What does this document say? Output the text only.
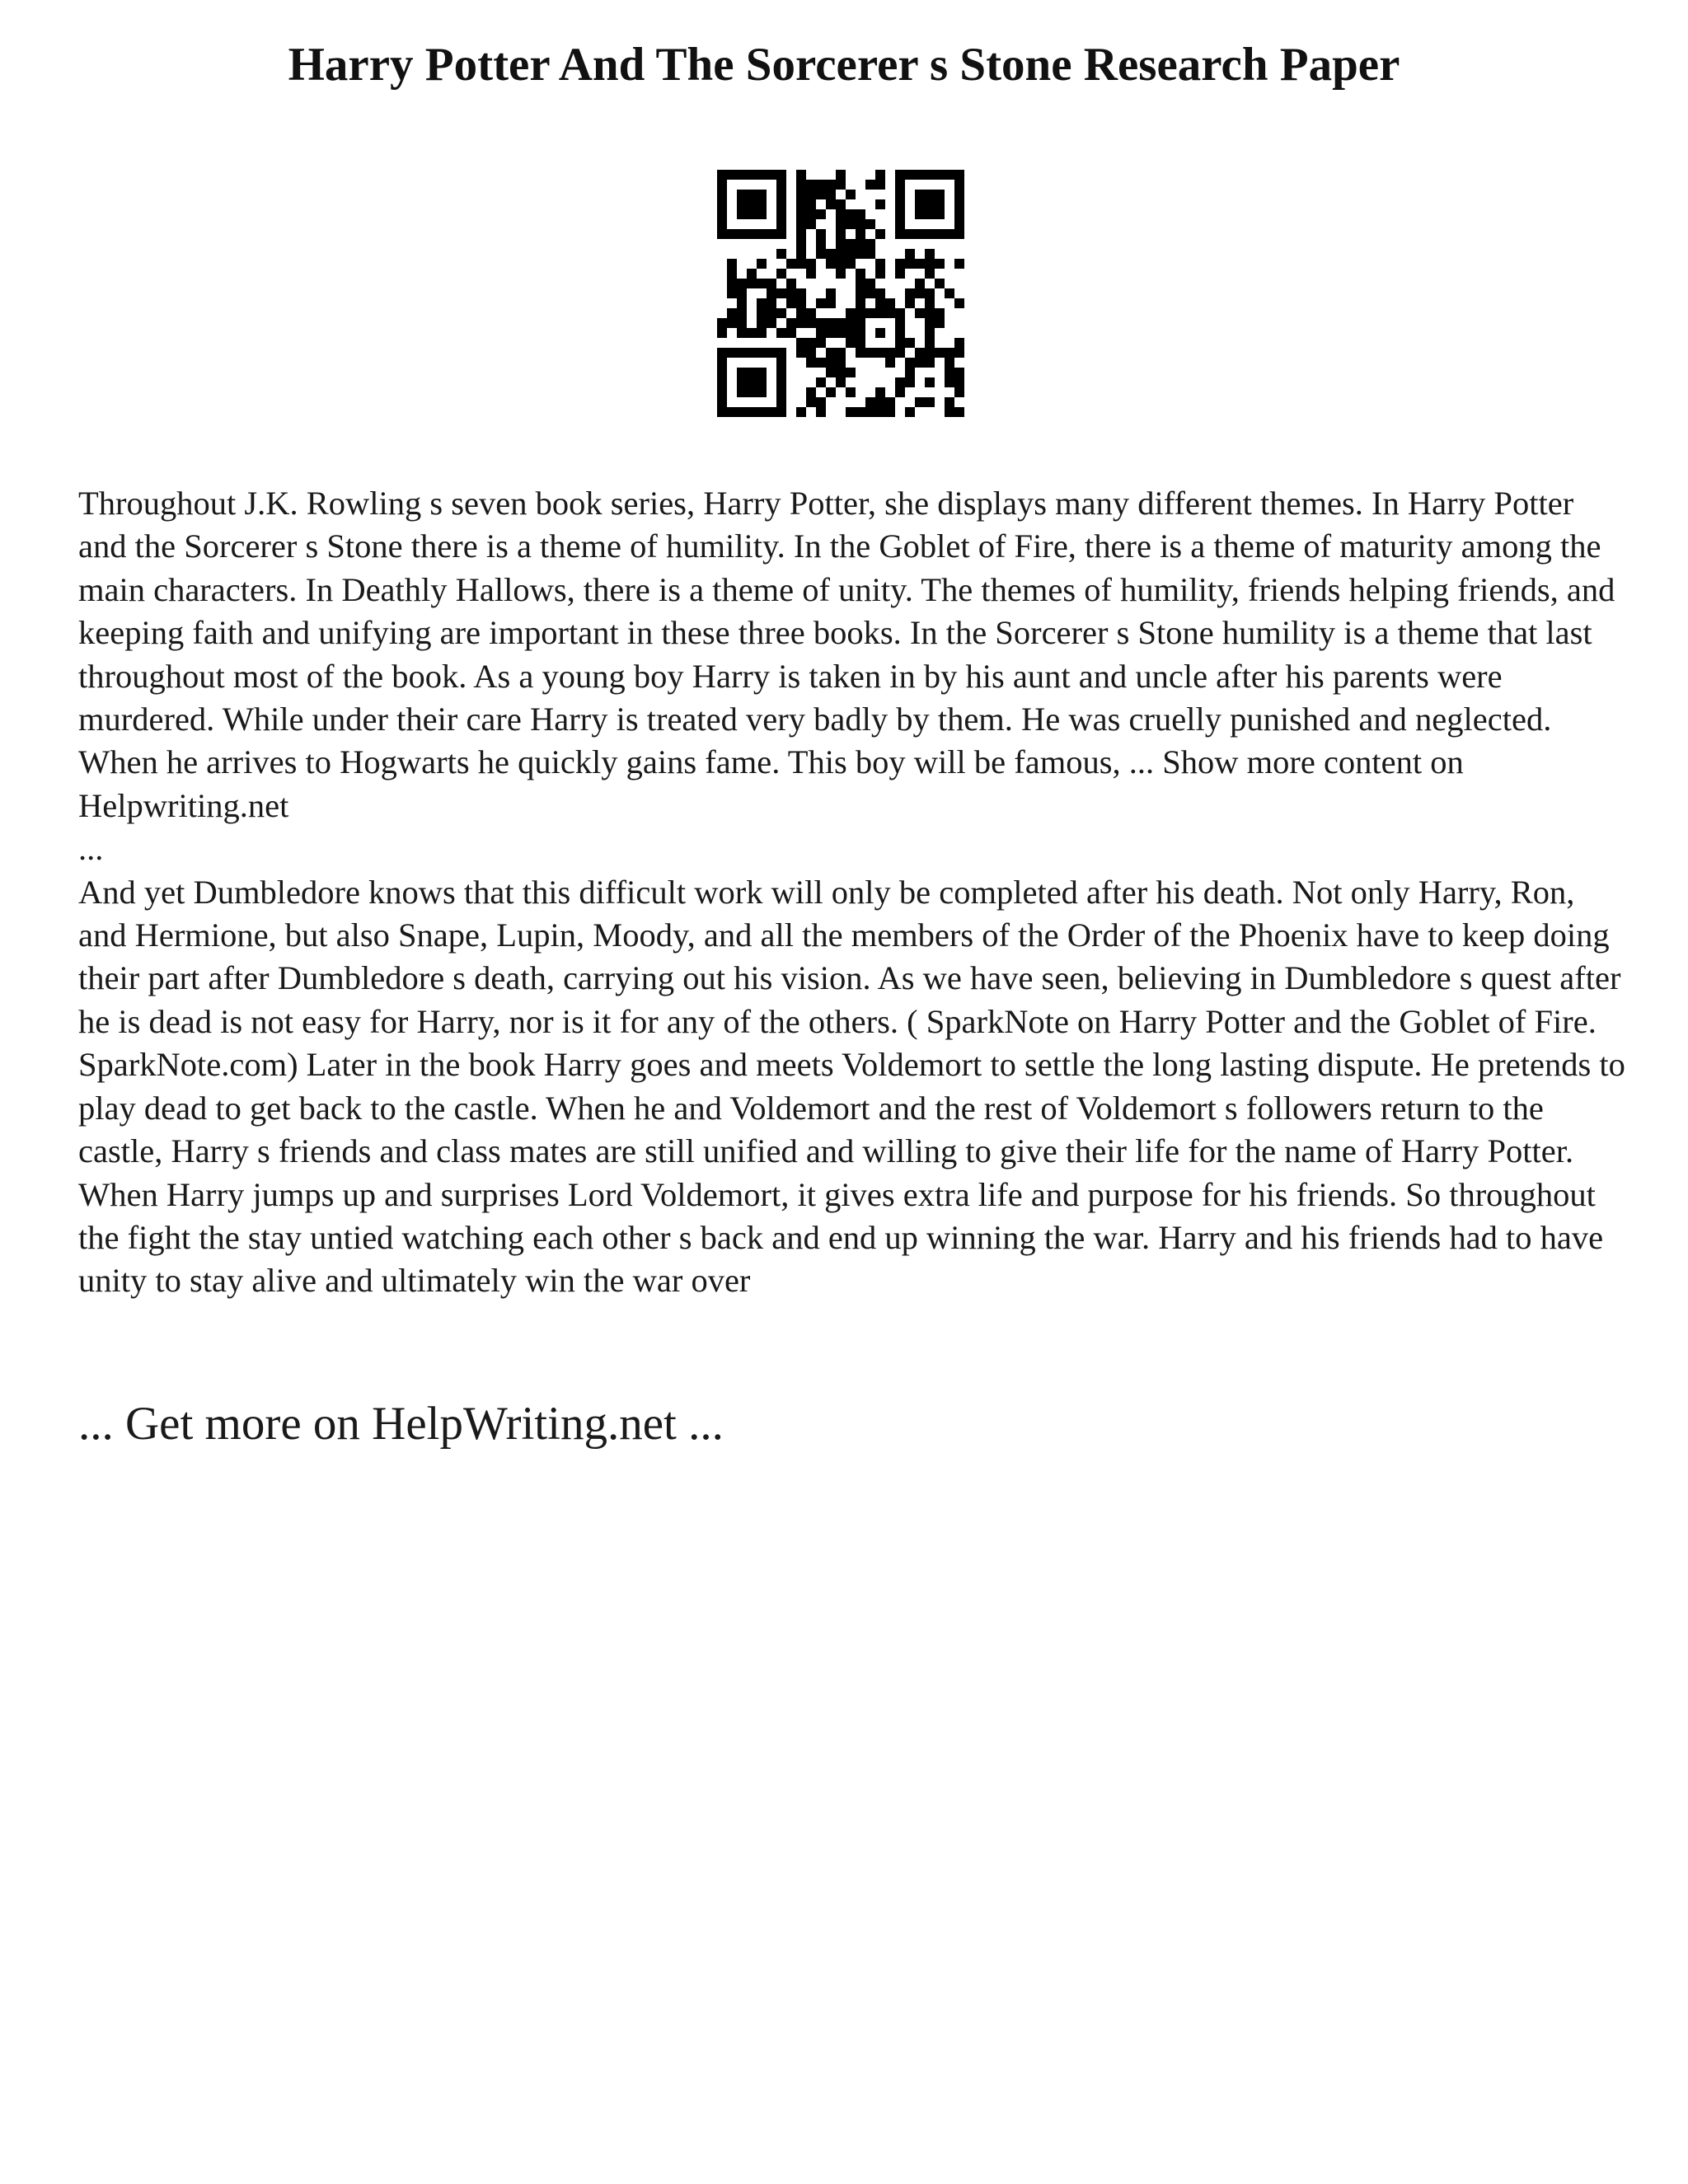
Harry Potter And The Sorcerer s Stone Research Paper

Throughout J.K. Rowling s seven book series, Harry Potter, she displays many different themes. In Harry Potter and the Sorcerer s Stone there is a theme of humility. In the Goblet of Fire, there is a theme of maturity among the main characters. In Deathly Hallows, there is a theme of unity. The themes of humility, friends helping friends, and keeping faith and unifying are important in these three books. In the Sorcerer s Stone humility is a theme that last throughout most of the book. As a young boy Harry is taken in by his aunt and uncle after his parents were murdered. While under their care Harry is treated very badly by them. He was cruelly punished and neglected. When he arrives to Hogwarts he quickly gains fame. This boy will be famous, ... Show more content on Helpwriting.net

...

And yet Dumbledore knows that this difficult work will only be completed after his death. Not only Harry, Ron, and Hermione, but also Snape, Lupin, Moody, and all the members of the Order of the Phoenix have to keep doing their part after Dumbledore s death, carrying out his vision. As we have seen, believing in Dumbledore s quest after he is dead is not easy for Harry, nor is it for any of the others. ( SparkNote on Harry Potter and the Goblet of Fire. SparkNote.com) Later in the book Harry goes and meets Voldemort to settle the long lasting dispute. He pretends to play dead to get back to the castle. When he and Voldemort and the rest of Voldemort s followers return to the castle, Harry s friends and class mates are still unified and willing to give their life for the name of Harry Potter. When Harry jumps up and surprises Lord Voldemort, it gives extra life and purpose for his friends. So throughout the fight the stay untied watching each other s back and end up winning the war. Harry and his friends had to have unity to stay alive and ultimately win the war over

... Get more on HelpWriting.net ...
